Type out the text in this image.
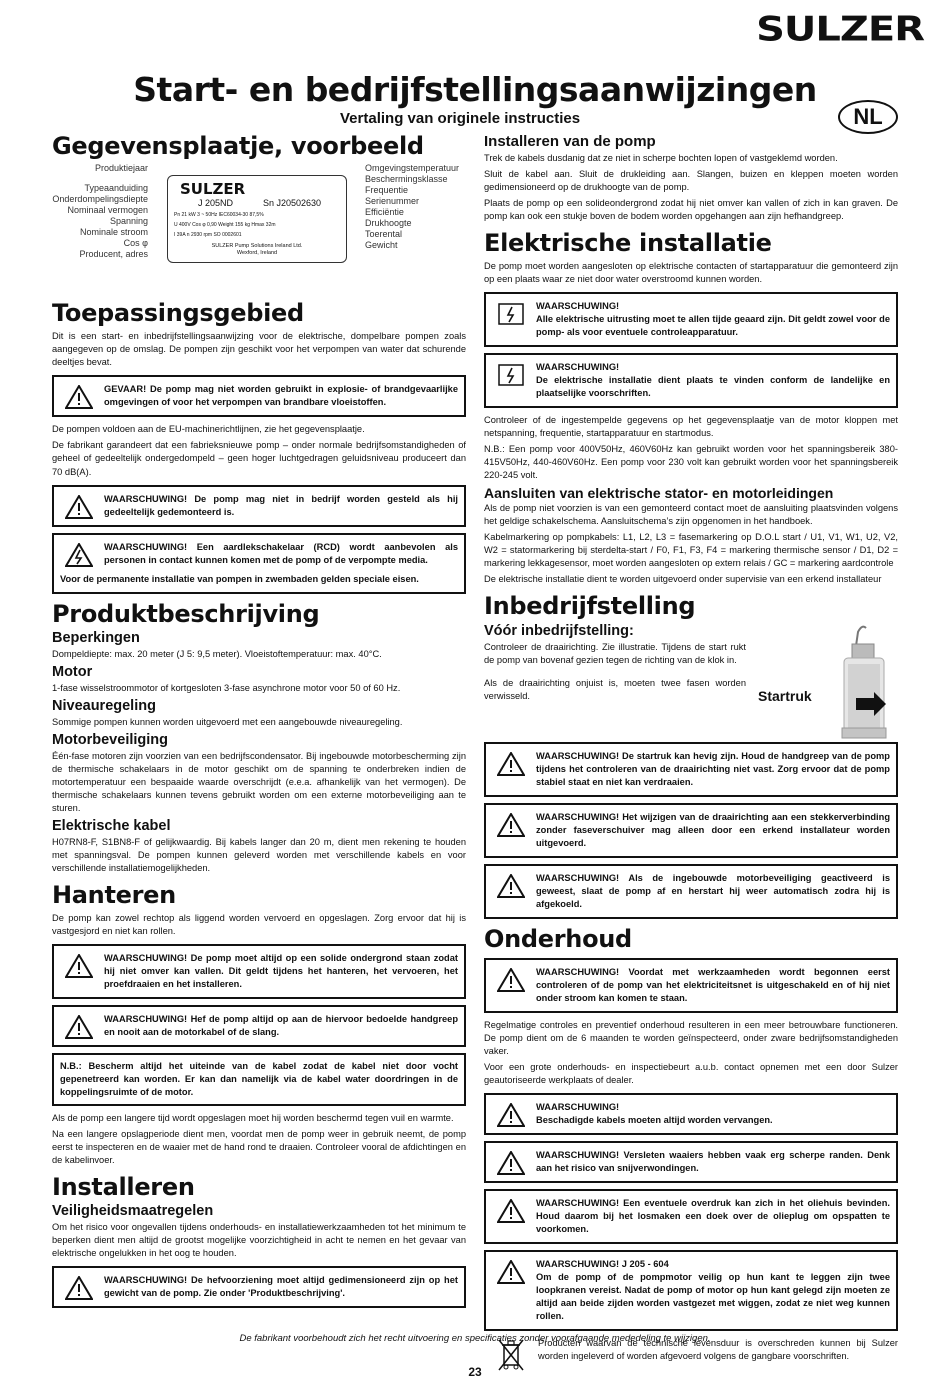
SULZER
Start- en bedrijfstellingsaanwijzingen
Vertaling van originele instructies	NL
Gegevensplaatje, voorbeeld
Produktiejaar
Typeaanduiding
Onderdompelingsdiepte
Nominaal vermogen
Spanning
Nominale stroom
Cos φ
Producent, adres
Omgevingstemperatuur
Beschermingsklasse
Frequentie
Serienummer
Efficiëntie
Drukhoogte
Toerental
Gewicht
SULZER
J 205ND	Sn J20502630
Pn 21 kW 3 ~ 50Hz IEC60034-30 87,5%
U 400V Cos φ 0,90 Weight 155 kg Hmax 32m
I 39A n 2930 rpm SO 0002601
SULZER Pump Solutions Ireland Ltd.
Wexford, Ireland
Toepassingsgebied

Dit is een start- en inbedrijfstellingsaanwijzing voor de elektrische, dompelbare pompen zoals aangegeven op de omslag. De pompen zijn geschikt voor het verpompen van water dat schurende deeltjes bevat.

GEVAAR! De pomp mag niet worden gebruikt in explosie- of brandgevaarlijke omgevingen of voor het verpompen van brandbare vloeistoffen.

De pompen voldoen aan de EU-machinerichtlijnen, zie het gegevensplaatje.

De fabrikant garandeert dat een fabrieksnieuwe pomp – onder normale bedrijfsomstandigheden of geheel of gedeeltelijk ondergedompeld – geen hoger luchtgedragen geluidsniveau produceert dan 70 dB(A).

WAARSCHUWING! De pomp mag niet in bedrijf worden gesteld als hij gedeeltelijk gedemonteerd is.
WAARSCHUWING! Een aardlekschakelaar (RCD) wordt aanbevolen als personen in contact kunnen komen met de pomp of de verpompte media.
Voor de permanente installatie van pompen in zwembaden gelden speciale eisen.
Produktbeschrijving
Beperkingen

Dompeldiepte: max. 20 meter (J 5: 9,5 meter). Vloeistoftemperatuur: max. 40°C.

Motor

1-fase wisselstroommotor of kortgesloten 3-fase asynchrone motor voor 50 of 60 Hz.

Niveauregeling

Sommige pompen kunnen worden uitgevoerd met een aangebouwde niveauregeling.

Motorbeveiliging

Één-fase motoren zijn voorzien van een bedrijfscondensator. Bij ingebouwde motorbescherming zijn de thermische schakelaars in de motor geschikt om de spanning te onderbreken indien de motortemperatuur een bespaaide waarde overschrijdt (e.e.a. afhankelijk van het vermogen). De thermische schakelaars kunnen tevens gebruikt worden om een externe motorbeveiliging aan te sturen.

Elektrische kabel

H07RN8-F, S1BN8-F of gelijkwaardig. Bij kabels langer dan 20 m, dient men rekening te houden met spanningsval. De pompen kunnen geleverd worden met verschillende kabels en voor verschillende installatiemogelijkheden.

Hanteren

De pomp kan zowel rechtop als liggend worden vervoerd en opgeslagen. Zorg ervoor dat hij is vastgesjord en niet kan rollen.

WAARSCHUWING! De pomp moet altijd op een solide ondergrond staan zodat hij niet omver kan vallen. Dit geldt tijdens het hanteren, het vervoeren, het proefdraaien en het installeren.
WAARSCHUWING! Hef de pomp altijd op aan de hiervoor bedoelde handgreep en nooit aan de motorkabel of de slang.
N.B.: Bescherm altijd het uiteinde van de kabel zodat de kabel niet door vocht gepenetreerd kan worden. Er kan dan namelijk via de kabel water doordringen in de koppelingsruimte of de motor.

Als de pomp een langere tijd wordt opgeslagen moet hij worden beschermd tegen vuil en warmte.

Na een langere opslagperiode dient men, voordat men de pomp weer in gebruik neemt, de pomp eerst te inspecteren en de waaier met de hand rond te draaien. Controleer vooral de afdichtingen en de kabelinvoer.

Installeren
Veiligheidsmaatregelen

Om het risico voor ongevallen tijdens onderhouds- en installatiewerkzaamheden tot het minimum te beperken dient men altijd de grootst mogelijke voorzichtigheid in acht te nemen en het gevaar van elektrische ongelukken in het oog te houden.

WAARSCHUWING! De hefvoorziening moet altijd gedimensioneerd zijn op het gewicht van de pomp. Zie onder 'Produktbeschrijving'.
Installeren van de pomp

Trek de kabels dusdanig dat ze niet in scherpe bochten lopen of vastgeklemd worden.

Sluit de kabel aan. Sluit de drukleiding aan. Slangen, buizen en kleppen moeten worden gedimensioneerd op de drukhoogte van de pomp.

Plaats de pomp op een solideondergrond zodat hij niet omver kan vallen of zich in kan graven. De pomp kan ook een stukje boven de bodem worden opgehangen aan zijn hefhandgreep.

Elektrische installatie

De pomp moet worden aangesloten op elektrische contacten of startapparatuur die gemonteerd zijn op een plaats waar ze niet door water overstroomd kunnen worden.

WAARSCHUWING!
Alle elektrische uitrusting moet te allen tijde geaard zijn. Dit geldt zowel voor de pomp- als voor eventuele controleapparatuur.
WAARSCHUWING!
De elektrische installatie dient plaats te vinden conform de landelijke en plaatselijke voorschriften.

Controleer of de ingestempelde gegevens op het gegevensplaatje van de motor kloppen met netspanning, frequentie, startapparatuur en startmodus.

N.B.: Een pomp voor 400V50Hz, 460V60Hz kan gebruikt worden voor het spanningsbereik 380-415V50Hz, 440-460V60Hz. Een pomp voor 230 volt kan gebruikt worden voor het spanningsbereik 220-245 volt.

Aansluiten van elektrische stator- en motorleidingen

Als de pomp niet voorzien is van een gemonteerd contact moet de aansluiting plaatsvinden volgens het geldige schakelschema. Aansluitschema’s zijn opgenomen in het handboek.

Kabelmarkering op pompkabels: L1, L2, L3 = fasemarkering op D.O.L start / U1, V1, W1, U2, V2, W2 = statormarkering bij sterdelta-start / F0, F1, F3, F4 = markering thermische sensor / D1, D2 = markering lekkagesensor, moet worden aangesloten op extern relais / GC = markering aardcontrole

De elektrische installatie dient te worden uitgevoerd onder supervisie van een erkend installateur

Inbedrijfstelling
Vóór inbedrijfstelling:

Controleer de draairichting. Zie illustratie. Tijdens de start rukt de pomp van bovenaf gezien tegen de richting van de klok in.

Als de draairichting onjuist is, moeten twee fasen worden verwisseld.	Startruk
WAARSCHUWING! De startruk kan hevig zijn. Houd de handgreep van de pomp tijdens het controleren van de draairichting niet vast. Zorg ervoor dat de pomp stabiel staat en niet kan verdraaien.
WAARSCHUWING! Het wijzigen van de draairichting aan een stekkerverbinding zonder faseverschuiver mag alleen door een erkend installateur worden uitgevoerd.
WAARSCHUWING! Als de ingebouwde motorbeveiliging geactiveerd is geweest, slaat de pomp af en herstart hij weer automatisch zodra hij is afgekoeld.
Onderhoud
WAARSCHUWING! Voordat met werkzaamheden wordt begonnen eerst controleren of de pomp van het elektriciteitsnet is uitgeschakeld en of hij niet onder stroom kan komen te staan.

Regelmatige controles en preventief onderhoud resulteren in een meer betrouwbare functioneren. De pomp dient om de 6 maanden te worden geïnspecteerd, onder zware bedrijfsomstandigheden vaker.

Voor een grote onderhouds- en inspectiebeurt a.u.b. contact opnemen met een door Sulzer geautoriseerde werkplaats of dealer.

WAARSCHUWING!
Beschadigde kabels moeten altijd worden vervangen.
WAARSCHUWING! Versleten waaiers hebben vaak erg scherpe randen. Denk aan het risico van snijverwondingen.
WAARSCHUWING! Een eventuele overdruk kan zich in het oliehuis bevinden. Houd daarom bij het losmaken een doek over de olieplug om opspatten te voorkomen.
WAARSCHUWING! J 205 - 604
Om de pomp of de pompmotor veilig op hun kant te leggen zijn twee loopkranen vereist. Nadat de pomp of motor op hun kant gelegd zijn moeten ze altijd aan beide zijden worden vastgezet met wiggen, zodat ze niet weg kunnen rollen.

Producten waarvan de technische levensduur is overschreden kunnen bij Sulzer worden ingeleverd of worden afgevoerd volgens de gangbare voorschriften.

De fabrikant voorbehoudt zich het recht uitvoering en specificaties zonder voorafgaande mededeling te wijzigen.
23
